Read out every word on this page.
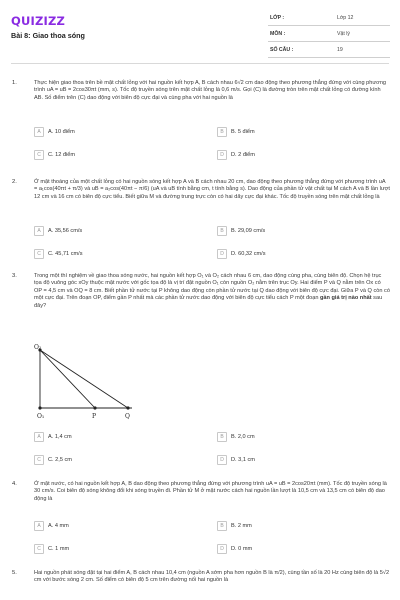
QUIZIZZ
Bài 8: Giao thoa sóng
LỚP :	Lớp 12
MÔN :	Vật lý
SỐ CÂU :	19
1.	Thực hiện giao thoa trên bề mặt chất lỏng với hai nguồn kết hợp A, B cách nhau 6√2 cm dao động theo phương thẳng đứng với cùng phương trình uA = uB = 2cos30πt (mm, s). Tốc độ truyền sóng trên mặt chất lỏng là 0,6 m/s. Gọi (C) là đường tròn trên mặt chất lỏng có đường kính AB. Số điểm trên (C) dao động với biên độ cực đại và cùng pha với hai nguồn là
A	A. 10 điểm	B	B. 5 điểm
C	C. 12 điểm	D	D. 2 điểm
2.	Ở mặt thoáng của một chất lỏng có hai nguồn sóng kết hợp A và B cách nhau 20 cm, dao động theo phương thẳng đứng với phương trình uA = a₁cos(40πt + π/3) và uB = a₂cos(40πt − π/6) (uA và uB tính bằng cm, t tính bằng s). Dao động của phần tử vật chất tại M cách A và B lần lượt 12 cm và 16 cm có biên độ cực tiểu. Biết giữa M và đường trung trực còn có hai dãy cực đại khác. Tốc độ truyền sóng trên mặt chất lỏng là
A	A. 35,56 cm/s	B	B. 29,09 cm/s
C	C. 45,71 cm/s	D	D. 60,32 cm/s
3.	Trong một thí nghiệm về giao thoa sóng nước, hai nguồn kết hợp O₁ và O₂ cách nhau 6 cm, dao động cùng pha, cùng biên độ. Chọn hệ trục tọa độ vuông góc xOy thuộc mặt nước với gốc tọa độ là vị trí đặt nguồn O₁ còn nguồn O₂ nằm trên trục Oy. Hai điểm P và Q nằm trên Ox có OP = 4,5 cm và OQ = 8 cm. Biết phần tử nước tại P không dao động còn phần tử nước tại Q dao động với biên độ cực đại. Giữa P và Q còn có một cực đại. Trên đoạn OP, điểm gần P nhất mà các phần tử nước dao động với biên độ cực tiểu cách P một đoạn gần giá trị nào nhất sau đây?
O₂
O₁	P	Q
A	A. 1,4 cm	B	B. 2,0 cm
C	C. 2,5 cm	D	D. 3,1 cm
4.	Ở mặt nước, có hai nguồn kết hợp A, B dao động theo phương thẳng đứng với phương trình uA = uB = 2cos20πt (mm). Tốc độ truyền sóng là 30 cm/s. Coi biên độ sóng không đổi khi sóng truyền đi. Phần tử M ở mặt nước cách hai nguồn lần lượt là 10,5 cm và 13,5 cm có biên độ dao động là
A	A. 4 mm	B	B. 2 mm
C	C. 1 mm	D	D. 0 mm
5.	Hai nguồn phát sóng đặt tại hai điểm A, B cách nhau 10,4 cm (nguồn A sớm pha hơn nguồn B là π/2), cùng tần số là 20 Hz cùng biên độ là 5√2 cm với bước sóng 2 cm. Số điểm có biên độ 5 cm trên đường nối hai nguồn là
